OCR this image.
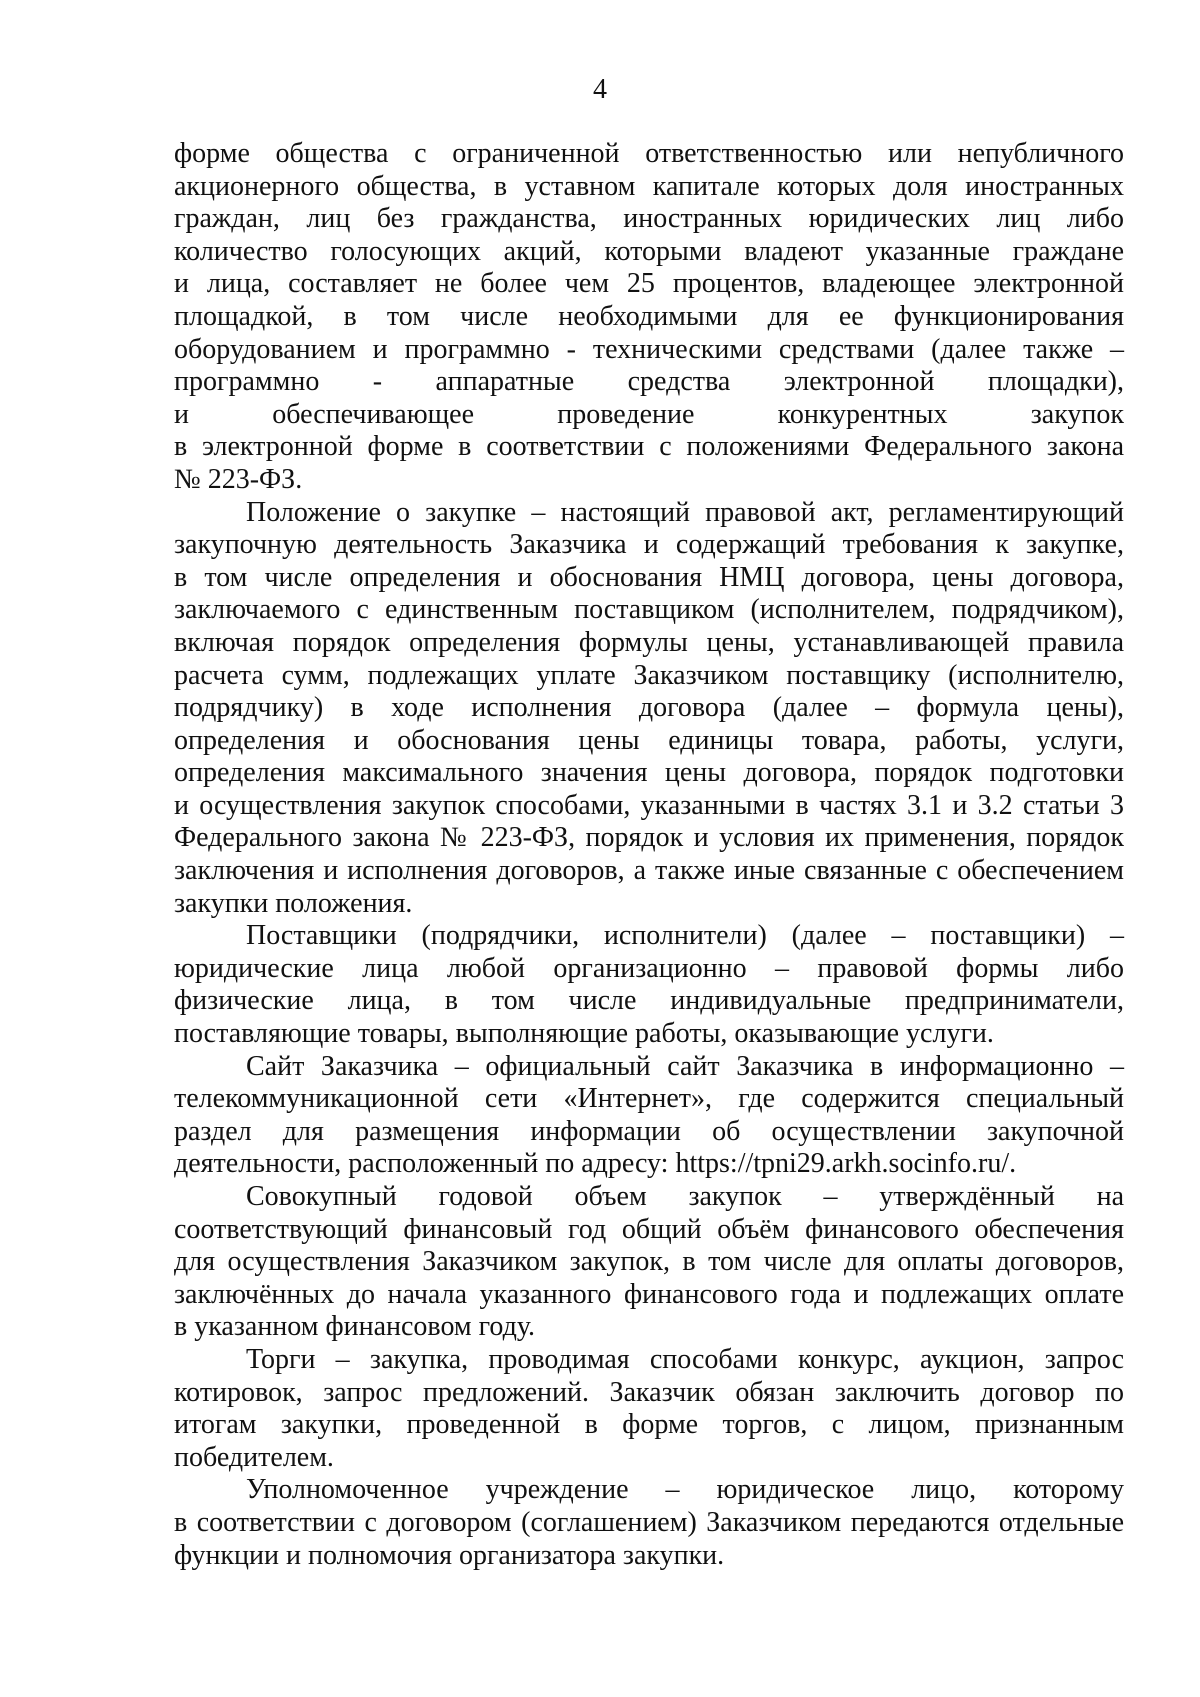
4
форме общества с ограниченной ответственностью или непубличного
акционерного общества, в уставном капитале которых доля иностранных
граждан, лиц без гражданства, иностранных юридических лиц либо
количество голосующих акций, которыми владеют указанные граждане
и лица, составляет не более чем 25 процентов, владеющее электронной
площадкой, в том числе необходимыми для ее функционирования
оборудованием и программно - техническими средствами (далее также –
программно - аппаратные средства электронной площадки),
и обеспечивающее проведение конкурентных закупок
в электронной форме в соответствии с положениями Федерального закона
№ 223-ФЗ.
Положение о закупке – настоящий правовой акт, регламентирующий
закупочную деятельность Заказчика и содержащий требования к закупке,
в том числе определения и обоснования НМЦ договора, цены договора,
заключаемого с единственным поставщиком (исполнителем, подрядчиком),
включая порядок определения формулы цены, устанавливающей правила
расчета сумм, подлежащих уплате Заказчиком поставщику (исполнителю,
подрядчику) в ходе исполнения договора (далее – формула цены),
определения и обоснования цены единицы товара, работы, услуги,
определения максимального значения цены договора, порядок подготовки
и осуществления закупок способами, указанными в частях 3.1 и 3.2 статьи 3
Федерального закона № 223-ФЗ, порядок и условия их применения, порядок
заключения и исполнения договоров, а также иные связанные с обеспечением
закупки положения.
Поставщики (подрядчики, исполнители) (далее – поставщики) –
юридические лица любой организационно – правовой формы либо
физические лица, в том числе индивидуальные предприниматели,
поставляющие товары, выполняющие работы, оказывающие услуги.
Сайт Заказчика – официальный сайт Заказчика в информационно –
телекоммуникационной сети «Интернет», где содержится специальный
раздел для размещения информации об осуществлении закупочной
деятельности, расположенный по адресу: https://tpni29.arkh.socinfo.ru/.
Совокупный годовой объем закупок – утверждённый на
соответствующий финансовый год общий объём финансового обеспечения
для осуществления Заказчиком закупок, в том числе для оплаты договоров,
заключённых до начала указанного финансового года и подлежащих оплате
в указанном финансовом году.
Торги – закупка, проводимая способами конкурс, аукцион, запрос
котировок, запрос предложений. Заказчик обязан заключить договор по
итогам закупки, проведенной в форме торгов, с лицом, признанным
победителем.
Уполномоченное учреждение – юридическое лицо, которому
в соответствии с договором (соглашением) Заказчиком передаются отдельные
функции и полномочия организатора закупки.
